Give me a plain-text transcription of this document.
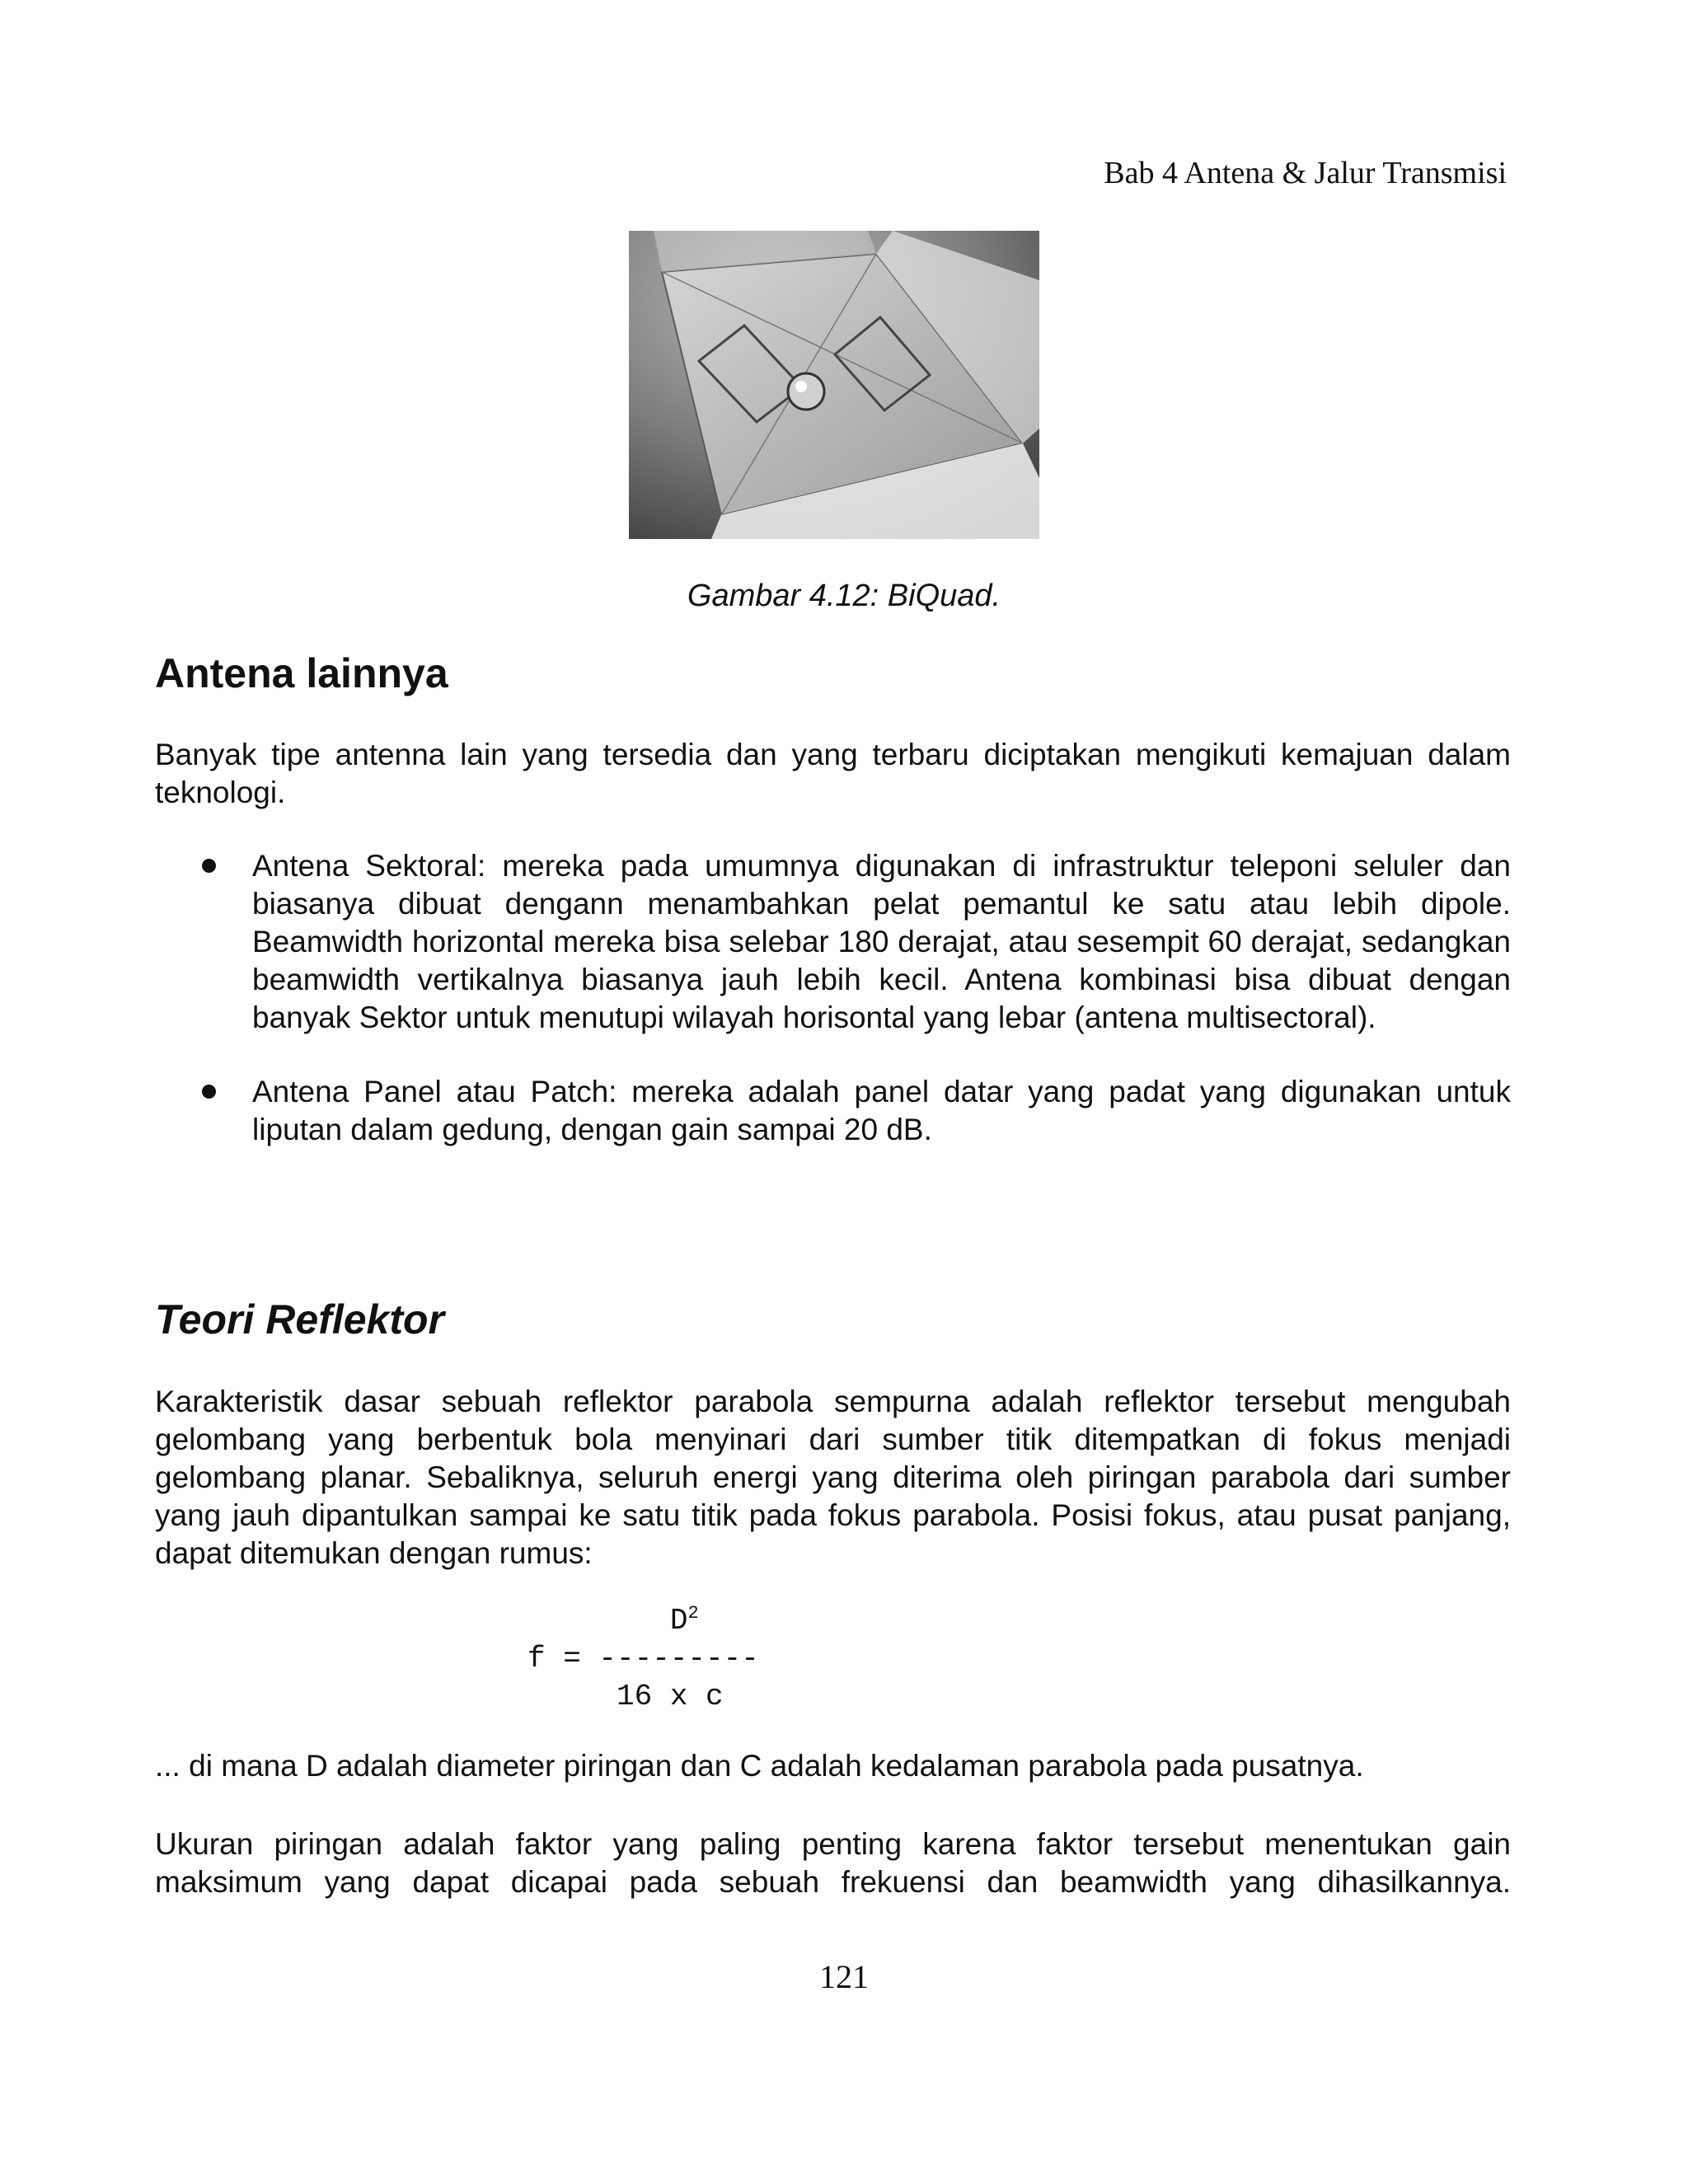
Bab 4 Antena & Jalur Transmisi
Gambar 4.12: BiQuad.
Antena lainnya

Banyak tipe antenna lain yang tersedia dan yang terbaru diciptakan mengikuti kemajuan dalam teknologi.

Antena Sektoral: mereka pada umumnya digunakan di infrastruktur teleponi seluler dan biasanya dibuat dengann menambahkan pelat pemantul ke satu atau lebih dipole. Beamwidth horizontal mereka bisa selebar 180 derajat, atau sesempit 60 derajat, sedangkan beamwidth vertikalnya biasanya jauh lebih kecil. Antena kombinasi bisa dibuat dengan banyak Sektor untuk menutupi wilayah horisontal yang lebar (antena multisectoral).
Antena Panel atau Patch: mereka adalah panel datar yang padat yang digunakan untuk liputan dalam gedung, dengan gain sampai 20 dB.
Teori Reflektor

Karakteristik dasar sebuah reflektor parabola sempurna adalah reflektor tersebut mengubah gelombang yang berbentuk bola menyinari dari sumber titik ditempatkan di fokus menjadi gelombang planar. Sebaliknya, seluruh energi yang diterima oleh piringan parabola dari sumber yang jauh dipantulkan sampai ke satu titik pada fokus parabola. Posisi fokus, atau pusat panjang, dapat ditemukan dengan rumus:

$D^2$
f = ---------
16 x c

... di mana D adalah diameter piringan dan C adalah kedalaman parabola pada pusatnya.

Ukuran piringan adalah faktor yang paling penting karena faktor tersebut menentukan gain maksimum yang dapat dicapai pada sebuah frekuensi dan beamwidth yang dihasilkannya.

121
